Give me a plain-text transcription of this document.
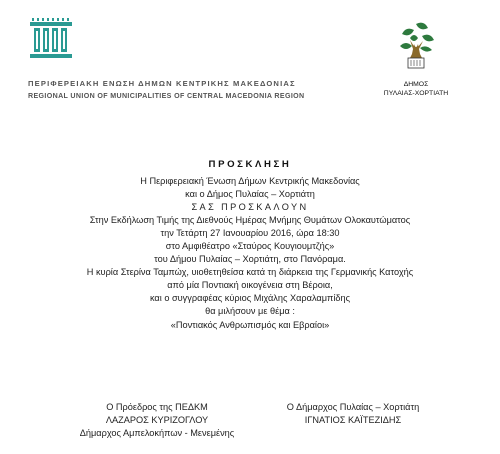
ΠΕΡΙΦΕΡΕΙΑΚΗ ΕΝΩΣΗ ΔΗΜΩΝ ΚΕΝΤΡΙΚΗΣ ΜΑΚΕΔΟΝΙΑΣ
REGIONAL UNION OF MUNICIPALITIES OF CENTRAL MACEDONIA REGION
ΔΗΜΟΣ
ΠΥΛΑΙΑΣ-ΧΟΡΤΙΑΤΗ
ΠΡΟΣΚΛΗΣΗ
Η Περιφερειακή Ένωση Δήμων Κεντρικής Μακεδονίας
και ο Δήμος Πυλαίας – Χορτιάτη
ΣΑΣ ΠΡΟΣΚΑΛΟΥΝ
Στην Εκδήλωση Τιμής της Διεθνούς Ημέρας Μνήμης Θυμάτων Ολοκαυτώματος
την Τετάρτη 27 Ιανουαρίου 2016, ώρα 18:30
στο Αμφιθέατρο «Σταύρος Κουγιουμτζής»
του Δήμου Πυλαίας – Χορτιάτη, στο Πανόραμα.
Η κυρία Στερίνα Ταμπώχ, υιοθετηθείσα κατά τη διάρκεια της Γερμανικής Κατοχής
από μία Ποντιακή οικογένεια στη Βέροια,
και ο συγγραφέας κύριος Μιχάλης Χαραλαμπίδης
θα μιλήσουν με θέμα :
«Ποντιακός Ανθρωπισμός και Εβραίοι»
Ο Πρόεδρος της ΠΕΔΚΜ
ΛΑΖΑΡΟΣ ΚΥΡΙΖΟΓΛΟΥ
Δήμαρχος Αμπελοκήπων - Μενεμένης
Ο Δήμαρχος Πυλαίας – Χορτιάτη
ΙΓΝΑΤΙΟΣ ΚΑΪΤΕΖΙΔΗΣ
